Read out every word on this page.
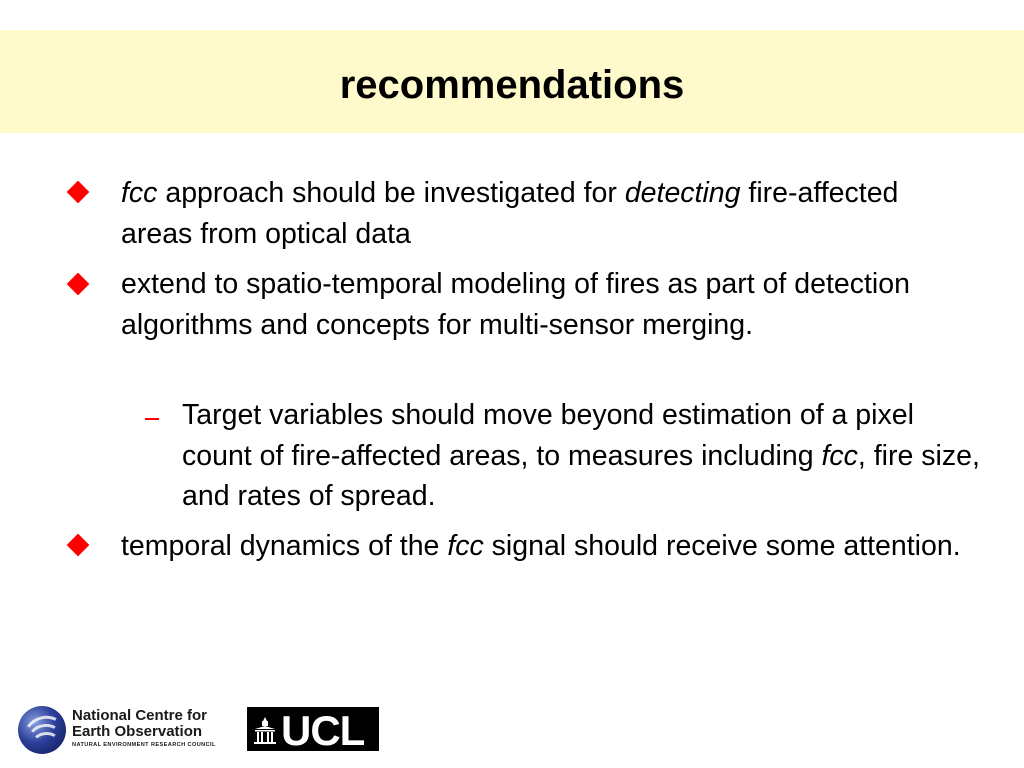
recommendations

fcc approach should be investigated for detecting fire-affected areas from optical data

extend to spatio-temporal modeling of fires as part of detection algorithms and concepts for multi-sensor merging.

Target variables should move beyond estimation of a pixel count of fire-affected areas, to measures including fcc, fire size, and rates of spread.

temporal dynamics of the fcc signal should receive some attention.

National Centre for
Earth Observation
NATURAL ENVIRONMENT RESEARCH COUNCIL UCL
